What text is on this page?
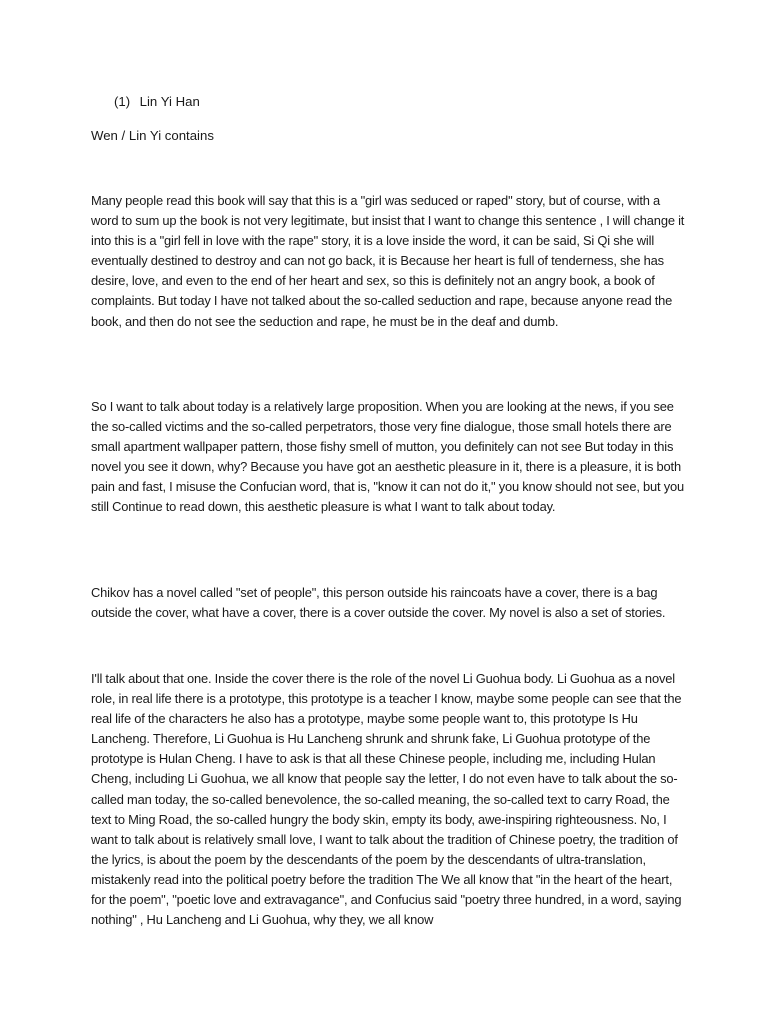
(1) Lin Yi Han
Wen / Lin Yi contains

Many people read this book will say that this is a "girl was seduced or raped" story, but of course, with a word to sum up the book is not very legitimate, but insist that I want to change this sentence , I will change it into this is a "girl fell in love with the rape" story, it is a love inside the word, it can be said, Si Qi she will eventually destined to destroy and can not go back, it is Because her heart is full of tenderness, she has desire, love, and even to the end of her heart and sex, so this is definitely not an angry book, a book of complaints. But today I have not talked about the so-called seduction and rape, because anyone read the book, and then do not see the seduction and rape, he must be in the deaf and dumb.

So I want to talk about today is a relatively large proposition. When you are looking at the news, if you see the so-called victims and the so-called perpetrators, those very fine dialogue, those small hotels there are small apartment wallpaper pattern, those fishy smell of mutton, you definitely can not see But today in this novel you see it down, why? Because you have got an aesthetic pleasure in it, there is a pleasure, it is both pain and fast, I misuse the Confucian word, that is, "know it can not do it," you know should not see, but you still Continue to read down, this aesthetic pleasure is what I want to talk about today.

Chikov has a novel called "set of people", this person outside his raincoats have a cover, there is a bag outside the cover, what have a cover, there is a cover outside the cover. My novel is also a set of stories.

I'll talk about that one. Inside the cover there is the role of the novel Li Guohua body. Li Guohua as a novel role, in real life there is a prototype, this prototype is a teacher I know, maybe some people can see that the real life of the characters he also has a prototype, maybe some people want to, this prototype Is Hu Lancheng. Therefore, Li Guohua is Hu Lancheng shrunk and shrunk fake, Li Guohua prototype of the prototype is Hulan Cheng. I have to ask is that all these Chinese people, including me, including Hulan Cheng, including Li Guohua, we all know that people say the letter, I do not even have to talk about the so-called man today, the so-called benevolence, the so-called meaning, the so-called text to carry Road, the text to Ming Road, the so-called hungry the body skin, empty its body, awe-inspiring righteousness. No, I want to talk about is relatively small love, I want to talk about the tradition of Chinese poetry, the tradition of the lyrics, is about the poem by the descendants of the poem by the descendants of ultra-translation, mistakenly read into the political poetry before the tradition The We all know that "in the heart of the heart, for the poem", "poetic love and extravagance", and Confucius said "poetry three hundred, in a word, saying nothing" , Hu Lancheng and Li Guohua, why they, we all know
